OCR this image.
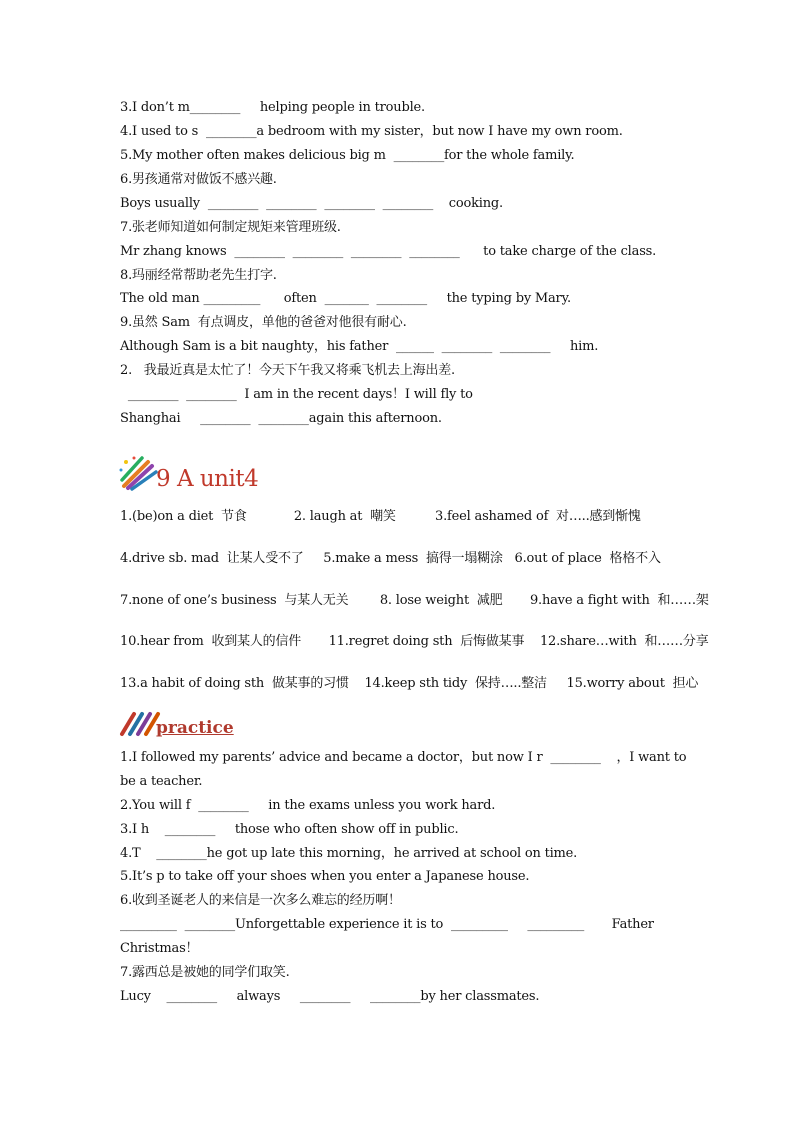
3.I don’t m________     helping people in trouble.
4.I used to s  ________a bedroom with my sister，but now I have my own room.
5.My mother often makes delicious big m  ________for the whole family.
6.男孩通常对做饭不感兴趣.
Boys usually  ________  ________  ________  ________    cooking.
7.张老师知道如何制定规矩来管理班级.
Mr zhang knows  ________  ________  ________  ________      to take charge of the class.
8.玛丽经常帮助老先生打字.
The old man _________      often  _______  ________     the typing by Mary.
9.虽然 Sam  有点调皮，单他的爸爸对他很有耐心.
Although Sam is a bit naughty，his father  ______  ________  ________     him.
2.   我最近真是太忙了！今天下午我又将乘飞机去上海出差.
________  ________  I am in the recent days！I will fly to
Shanghai     ________  ________again this afternoon.
9 A unit4
1.(be)on a diet  节食            2. laugh at  嘲笑          3.feel ashamed of  对…..感到惭愧
4.drive sb. mad  让某人受不了     5.make a mess  搞得一塌糊涂   6.out of place  格格不入
7.none of one’s business  与某人无关        8. lose weight  减肥       9.have a fight with  和……架
10.hear from  收到某人的信件       11.regret doing sth  后悔做某事    12.share…with  和……分享
13.a habit of doing sth  做某事的习惯    14.keep sth tidy  保持…..整洁     15.worry about  担心
practice
1.I followed my parents’ advice and became a doctor，but now I r  ________    ，I want to
be a teacher.
2.You will f  ________     in the exams unless you work hard.
3.I h    ________     those who often show off in public.
4.T    ________he got up late this morning，he arrived at school on time.
5.It’s p to take off your shoes when you enter a Japanese house.
6.收到圣诞老人的来信是一次多么难忘的经历啊！
_________  ________Unforgettable experience it is to  _________     _________       Father
Christmas！
7.露西总是被她的同学们取笑.
Lucy    ________     always     ________     ________by her classmates.
